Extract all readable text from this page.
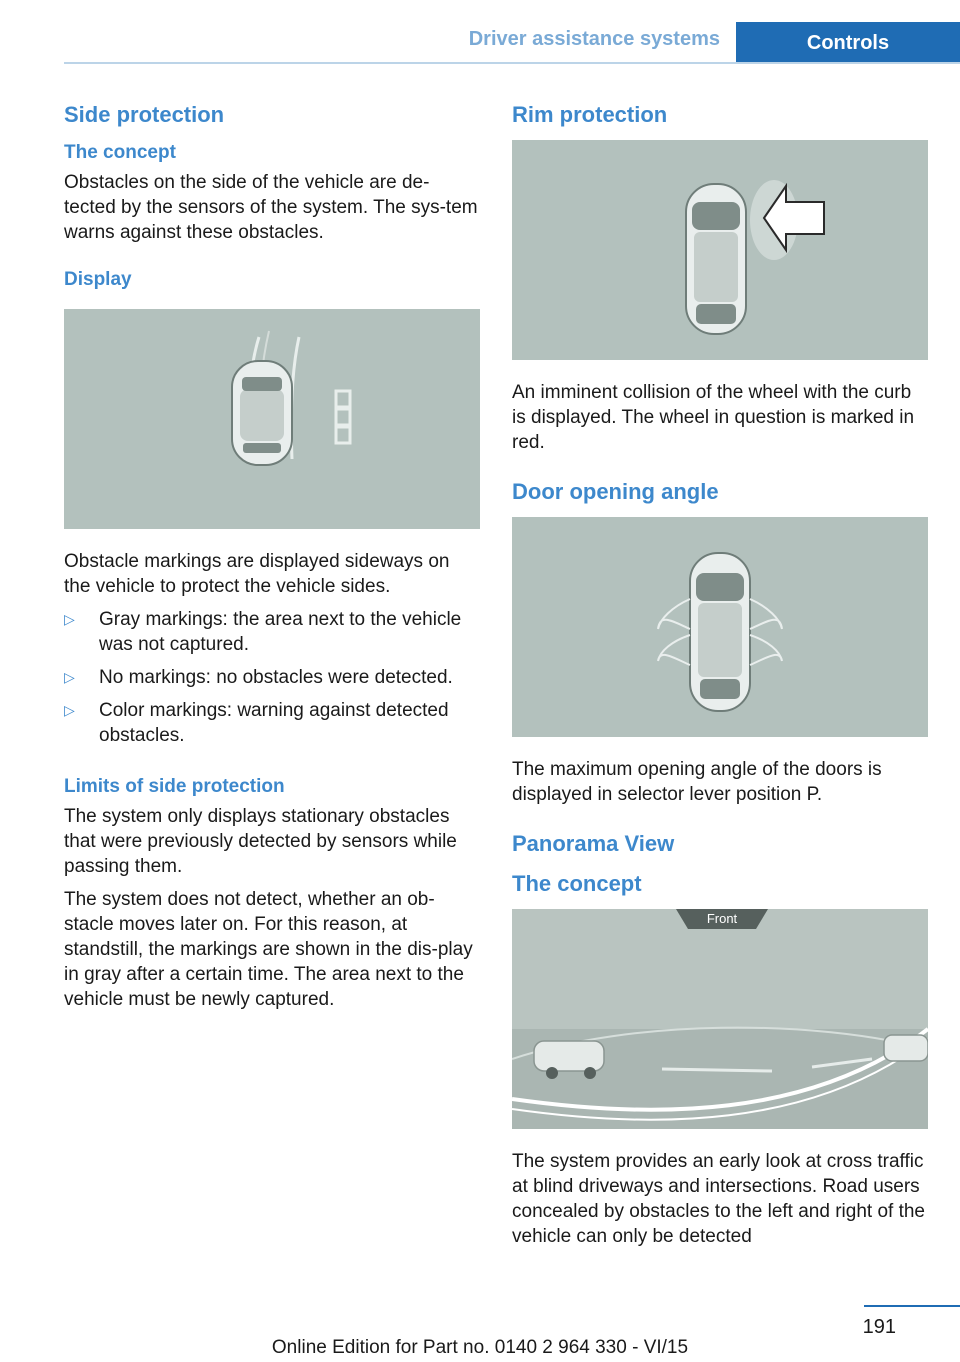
Driver assistance systems	Controls
Side protection
The concept

Obstacles on the side of the vehicle are de-tected by the sensors of the system. The sys-tem warns against these obstacles.

Display

Obstacle markings are displayed sideways on the vehicle to protect the vehicle sides.

▷ Gray markings: the area next to the vehicle was not captured.
▷ No markings: no obstacles were detected.
▷ Color markings: warning against detected obstacles.
Limits of side protection

The system only displays stationary obstacles that were previously detected by sensors while passing them.

The system does not detect, whether an ob-stacle moves later on. For this reason, at standstill, the markings are shown in the dis-play in gray after a certain time. The area next to the vehicle must be newly captured.

Rim protection

An imminent collision of the wheel with the curb is displayed. The wheel in question is marked in red.

Door opening angle

The maximum opening angle of the doors is displayed in selector lever position P.

Panorama View
The concept
Front

The system provides an early look at cross traffic at blind driveways and intersections. Road users concealed by obstacles to the left and right of the vehicle can only be detected

191
Online Edition for Part no. 0140 2 964 330 - VI/15
